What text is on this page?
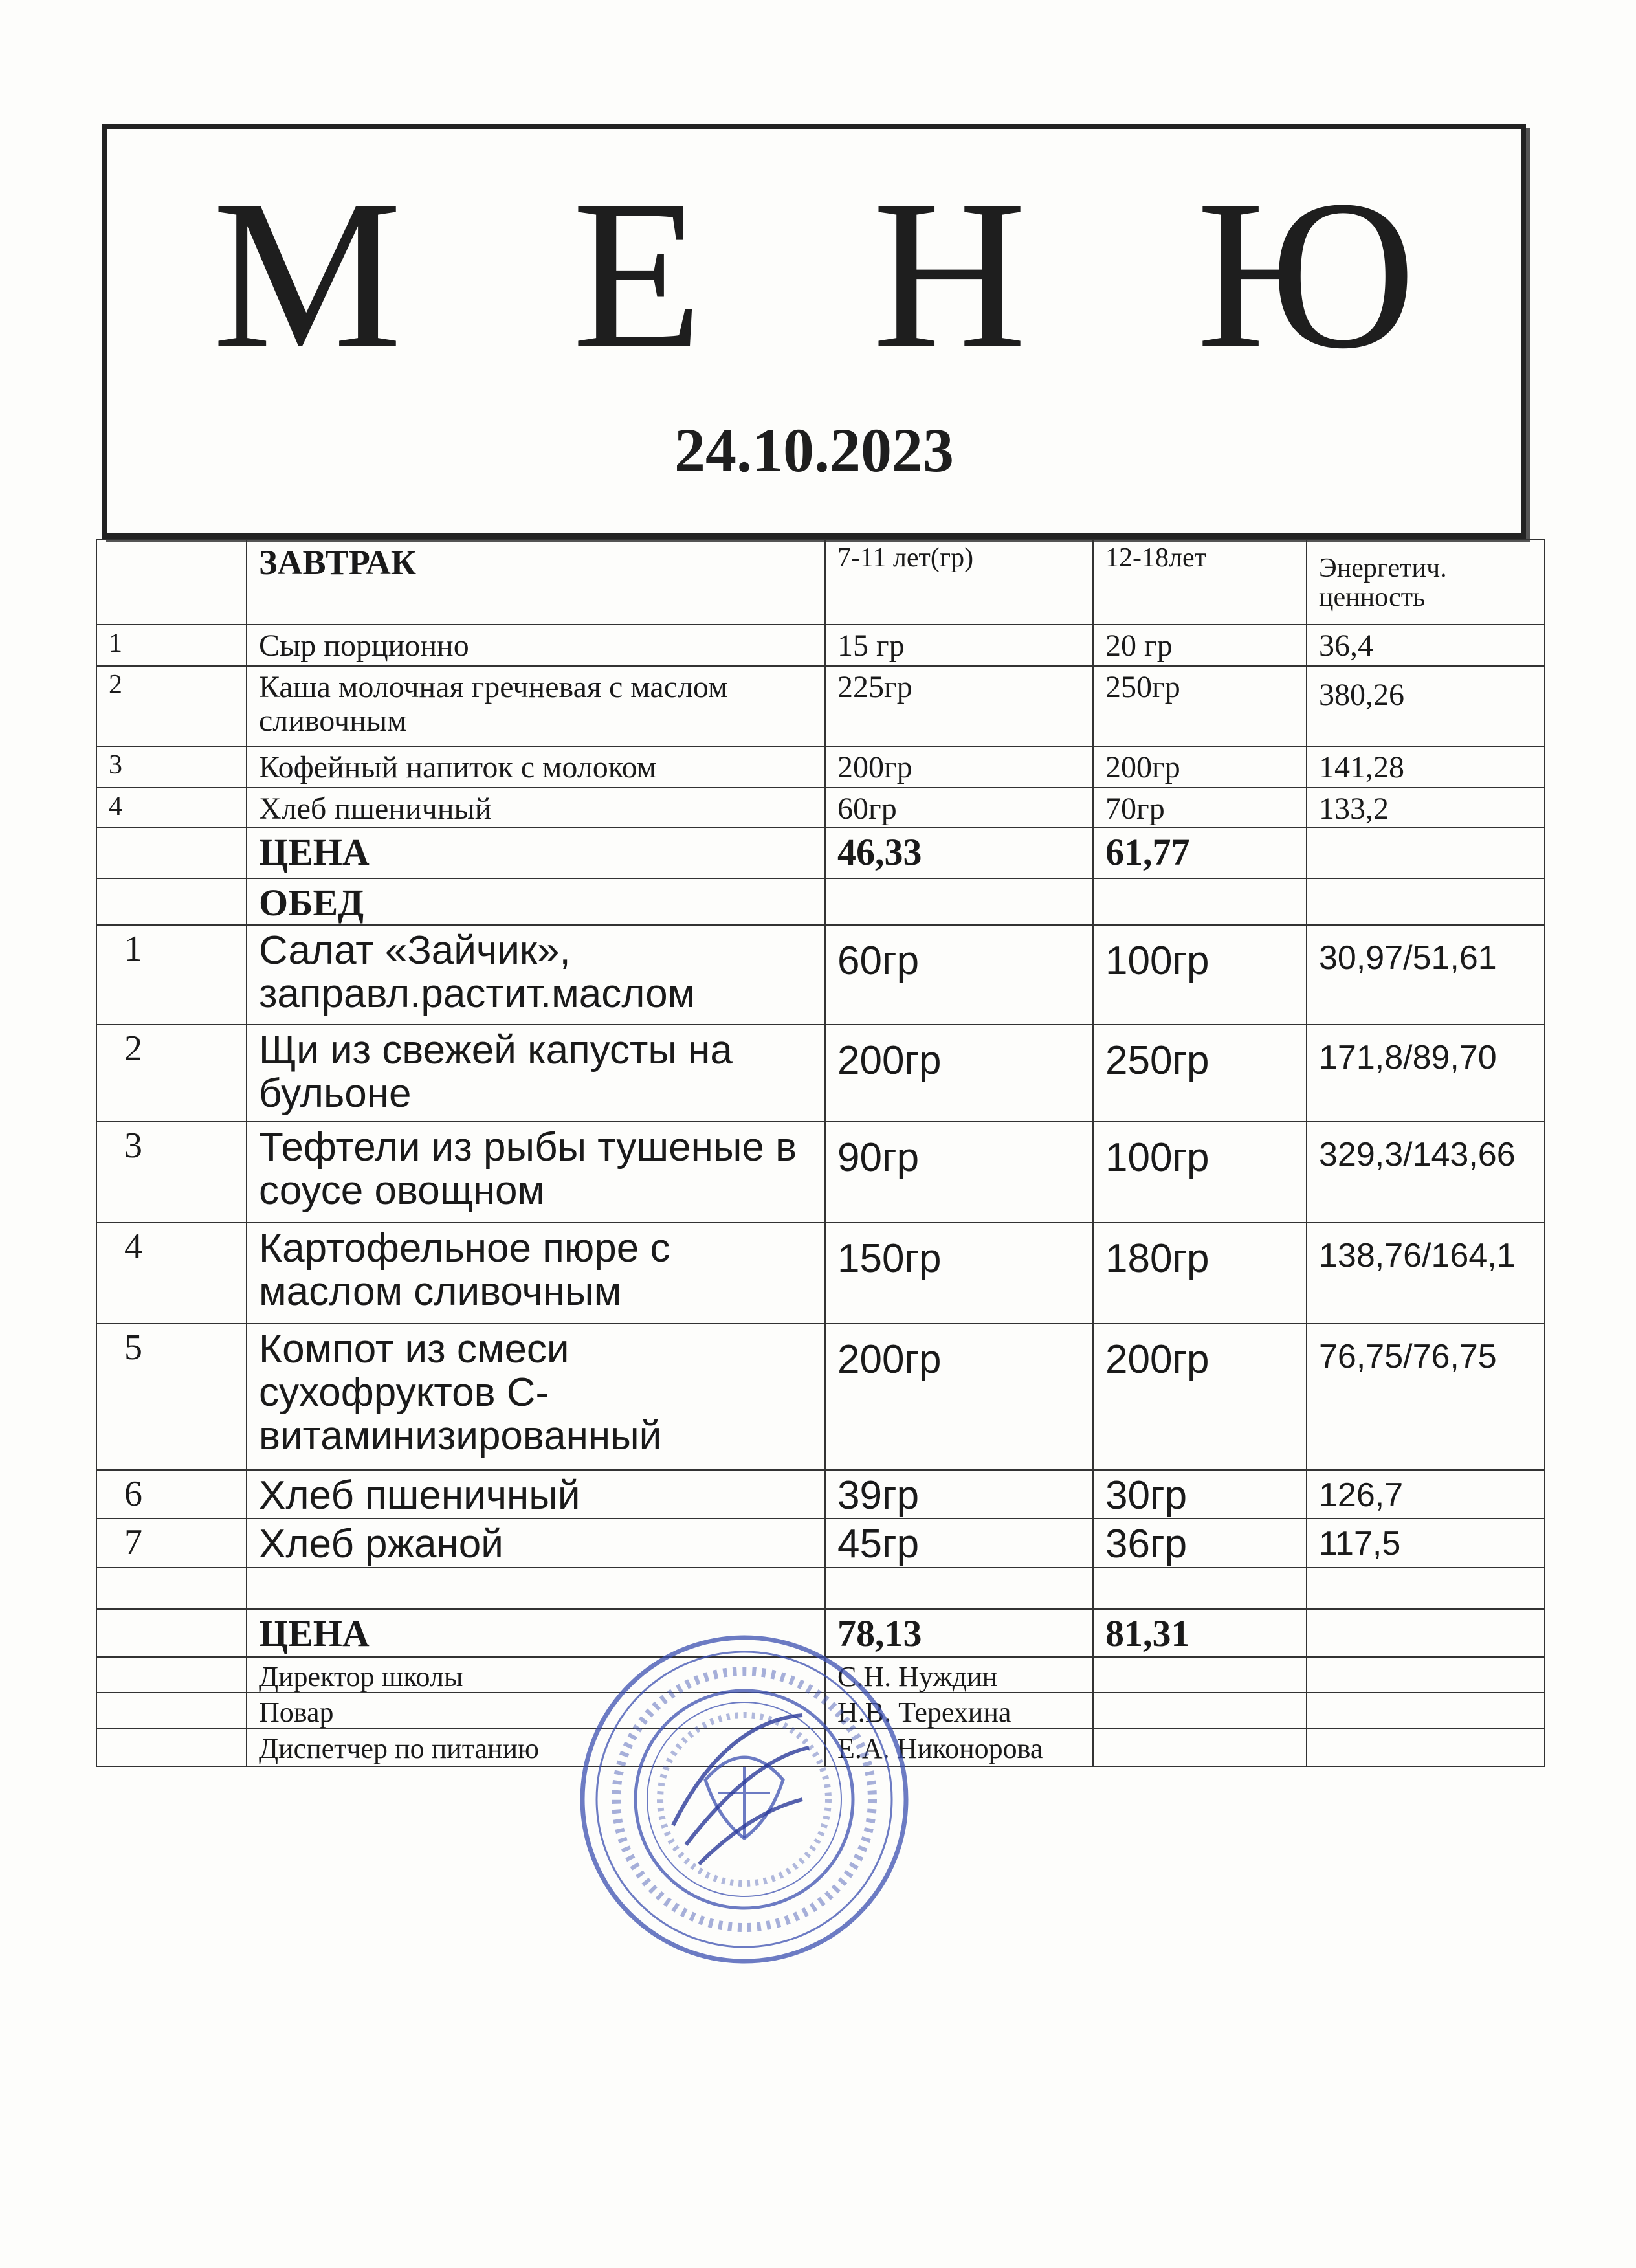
М Е Н Ю
24.10.2023
	ЗАВТРАК	7-11 лет(гр)	12-18лет	Энергетич. ценность
1	Сыр порционно	15 гр	20 гр	36,4
2	Каша молочная гречневая с маслом сливочным	225гр	250гр	380,26
3	Кофейный напиток с молоком	200гр	200гр	141,28
4	Хлеб пшеничный	60гр	70гр	133,2
	ЦЕНА	46,33	61,77	
	ОБЕД			
1	Салат «Зайчик», заправл.растит.маслом	60гр	100гр	30,97/51,61
2	Щи из свежей капусты на бульоне	200гр	250гр	171,8/89,70
3	Тефтели из рыбы тушеные в соусе овощном	90гр	100гр	329,3/143,66
4	Картофельное пюре с маслом сливочным	150гр	180гр	138,76/164,1
5	Компот из смеси сухофруктов С-витаминизированный	200гр	200гр	76,75/76,75
6	Хлеб пшеничный	39гр	30гр	126,7
7	Хлеб ржаной	45гр	36гр	117,5

	ЦЕНА	78,13	81,31	
	Директор школы	С.Н. Нуждин		
	Повар	Н.В. Терехина		
	Диспетчер по питанию	Е.А. Никонорова		
